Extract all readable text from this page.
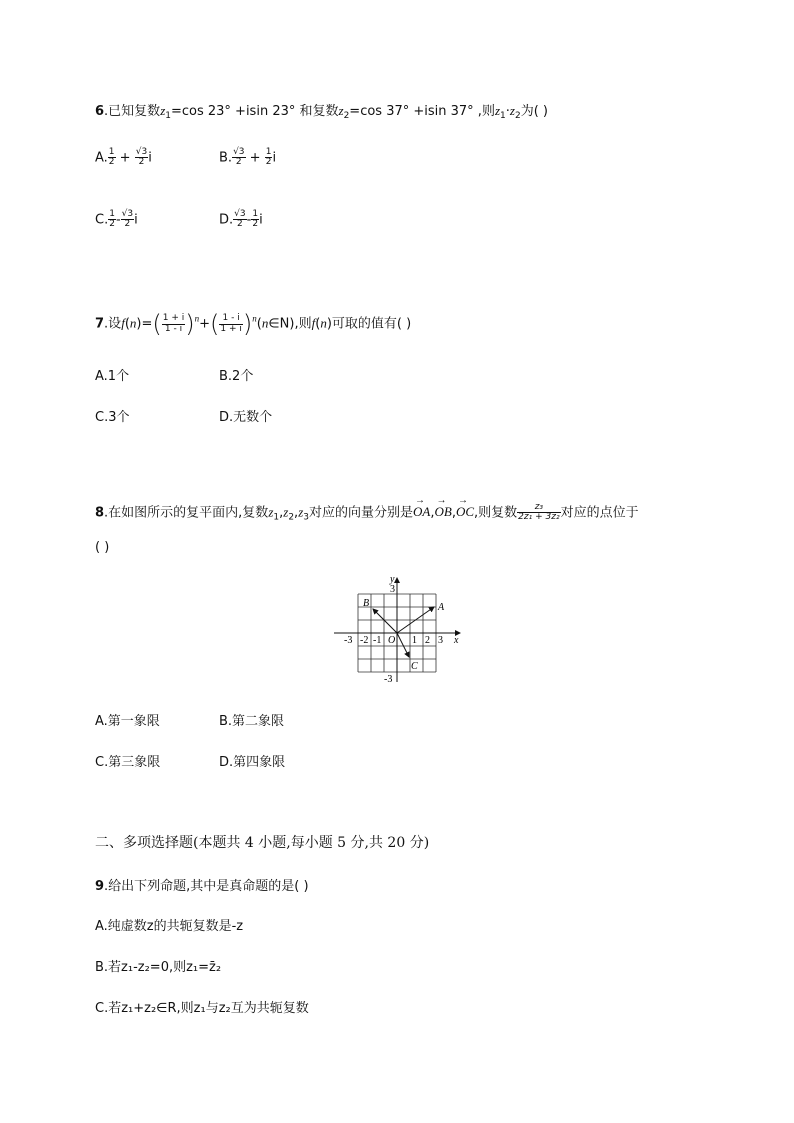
6.已知复数$z_1=\cos$ 23° +isin 23° 和复数$z_2=\cos$ 37° +isin 37° ,则$z_1\cdot z_2$为( )
A. $\frac{1}{2} + \frac{√3}{2}$ i	B. $\frac{√3}{2} + \frac{1}{2}$ i
C. $\frac{1}{2} - \frac{√3}{2}$ i	D. $\frac{√3}{2} - \frac{1}{2}$ i
7.设$f(n)=( \frac{1 + i}{1 - i} )^n+( \frac{1 - i}{1 + i}$ )$^n(n\in N)$,则f(n)可取的值有( )
A.1个	B.2个
C.3个	D.无数个
8.在如图所示的复平面内,复数$z_1,z_2,z_3$对应的向量分别是→ OA,→ OB,→ OC,则复数 $\frac{\text{z₃}}{\text{2z₁ + 3z₂}}$ 对应的点位于
( )
A
B
C
O	x
y
-3 -2 -1	1 2 3
3
-3
A.第一象限	B.第二象限
C.第三象限	D.第四象限
二、多项选择题(本题共 4 小题,每小题 5 分,共 20 分)
9.给出下列命题,其中是真命题的是( )
A.纯虚数z的共轭复数是-z
B.若z₁-z₂=0,则z₁=z̄₂
C.若z₁+z₂∈R,则z₁与z₂互为共轭复数
